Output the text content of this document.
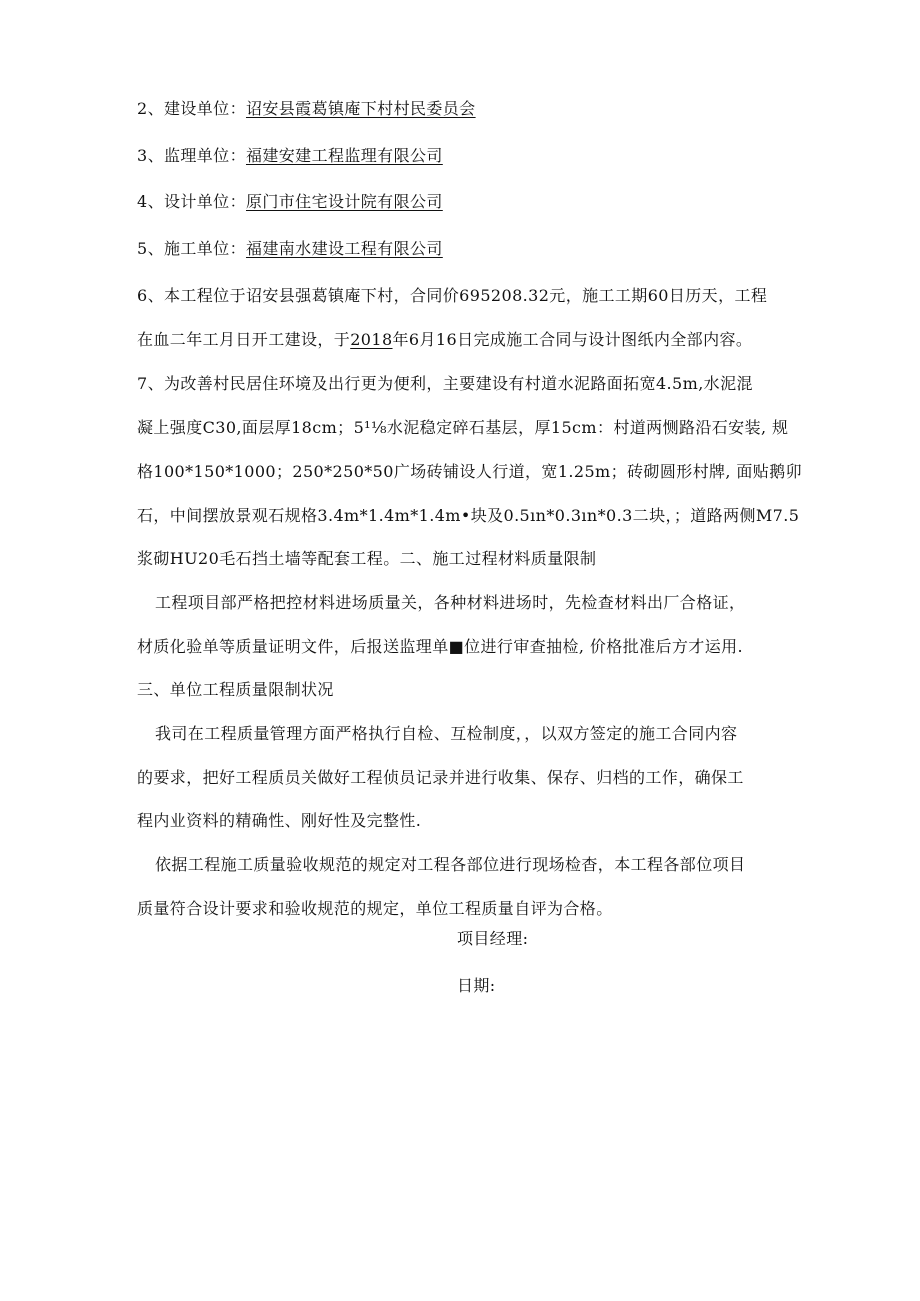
2、建设单位：诏安县霞葛镇庵下村村民委员会
3、监理单位：福建安建工程监理有限公司
4、设计单位：原门市住宅设计院有限公司
5、施工单位：福建南水建设工程有限公司
6、本工程位于诏安县强葛镇庵下村，合同价695208.32元，施工工期60日历天，工程
在血二年工月日开工建设，于2018年6月16日完成施工合同与设计图纸内全部内容。
7、为改善村民居住环境及出行更为便利，主要建设有村道水泥路面拓宽4.5m,水泥混
凝上强度C30,面层厚18cm；5¹⅛水泥稳定碎石基层，厚15cm：村道两恻路沿石安装, 规
格100*150*1000；250*250*50广场砖铺设人行道，宽1.25m；砖砌圆形村牌, 面贴鹅卯
石，中间摆放景观石规格3.4m*1.4m*1.4m•块及0.5ın*0.3ın*0.3二块，；道路两侧M7.5
浆砌HU20毛石挡土墙等配套工程。二、施工过程材料质量限制
工程项目部严格把控材料进场质量关，各种材料进场时，先检查材料出厂合格证，
材质化验单等质量证明文件，后报送监理单■位进行审查抽检, 价格批准后方才运用.
三、单位工程质量限制状况
我司在工程质量管理方面严格执行自检、互检制度，，以双方签定的施工合同内容
的要求，把好工程质员关做好工程侦员记录并进行收集、保存、归档的工作，确保工
程内业资料的精确性、刚好性及完整性.
依据工程施工质量验收规范的规定对工程各部位进行现场检杳，本工程各部位项目
质量符合设计要求和验收规范的规定，单位工程质量自评为合格。
项目经理:
日期:
